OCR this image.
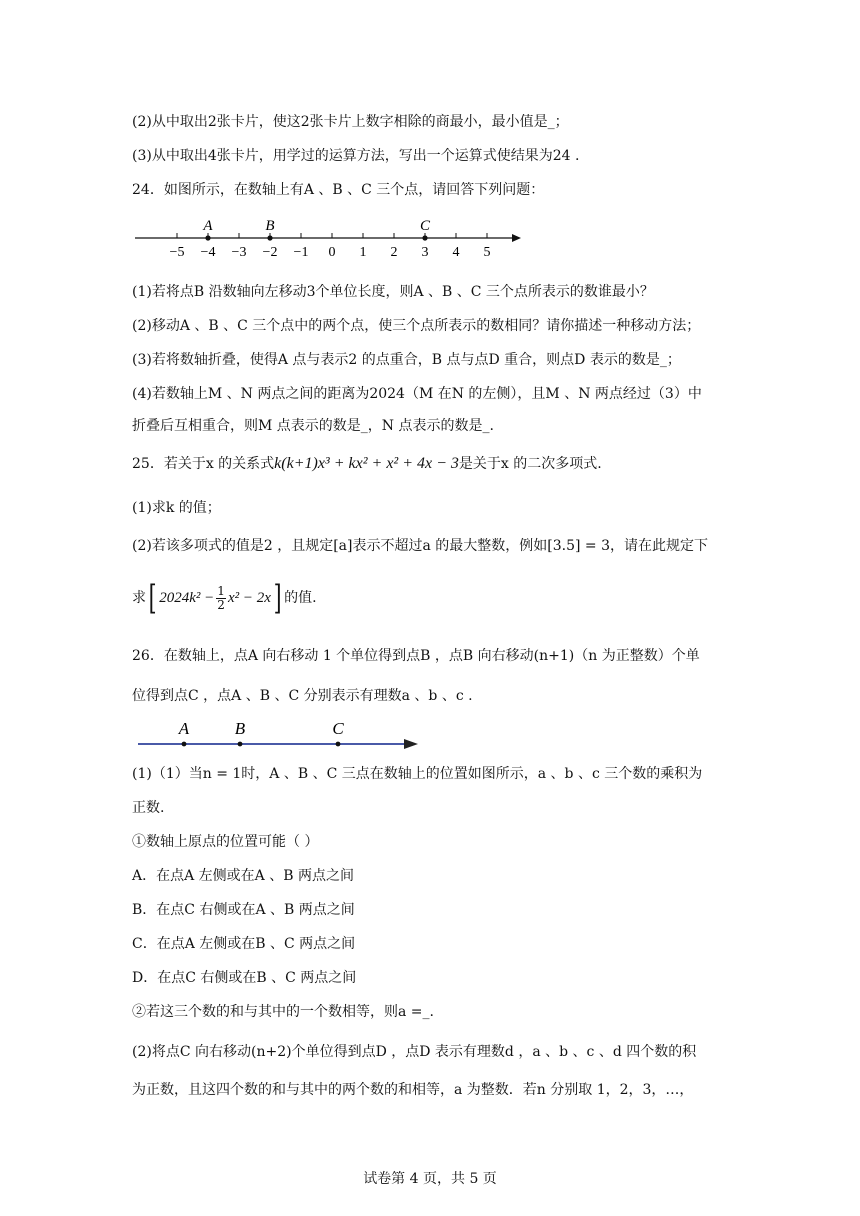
(2)从中取出2张卡片，使这2张卡片上数字相除的商最小，最小值是_；
(3)从中取出4张卡片，用学过的运算方法，写出一个运算式使结果为24 .
24．如图所示，在数轴上有A 、B 、C 三个点，请回答下列问题：
−5 −4 −3 −2 −1 0 1 2 3 4 5
A	B	C
(1)若将点B 沿数轴向左移动3个单位长度，则A 、B 、C 三个点所表示的数谁最小？
(2)移动A 、B 、C 三个点中的两个点，使三个点所表示的数相同？请你描述一种移动方法；
(3)若将数轴折叠，使得A 点与表示2 的点重合，B 点与点D 重合，则点D 表示的数是_；
(4)若数轴上M 、N 两点之间的距离为2024（M 在N 的左侧），且M 、N 两点经过（3）中
折叠后互相重合，则M 点表示的数是_，N 点表示的数是_.
25．若关于x 的关系式k(k+1)x³ + kx² + x² + 4x − 3是关于x 的二次多项式.
(1)求k 的值；
(2)若该多项式的值是2 ，且规定[a]表示不超过a 的最大整数，例如[3.5] = 3，请在此规定下
求[ $2024k^2 - \frac{1}{2} x^2 - 2x$] 的值.
26．在数轴上，点A 向右移动 1 个单位得到点B ，点B 向右移动(n+1)（n 为正整数）个单
位得到点C ，点A 、B 、C 分别表示有理数a 、b 、c .
A	B	C
(1)（1）当n = 1时，A 、B 、C 三点在数轴上的位置如图所示，a 、b 、c 三个数的乘积为
正数.
①数轴上原点的位置可能（ ）
A．在点A 左侧或在A 、B 两点之间
B．在点C 右侧或在A 、B 两点之间
C．在点A 左侧或在B 、C 两点之间
D．在点C 右侧或在B 、C 两点之间
②若这三个数的和与其中的一个数相等，则a =_.
(2)将点C 向右移动(n+2)个单位得到点D ，点D 表示有理数d ，a 、b 、c 、d 四个数的积
为正数，且这四个数的和与其中的两个数的和相等，a 为整数．若n 分别取 1，2，3，…，
试卷第 4 页，共 5 页
